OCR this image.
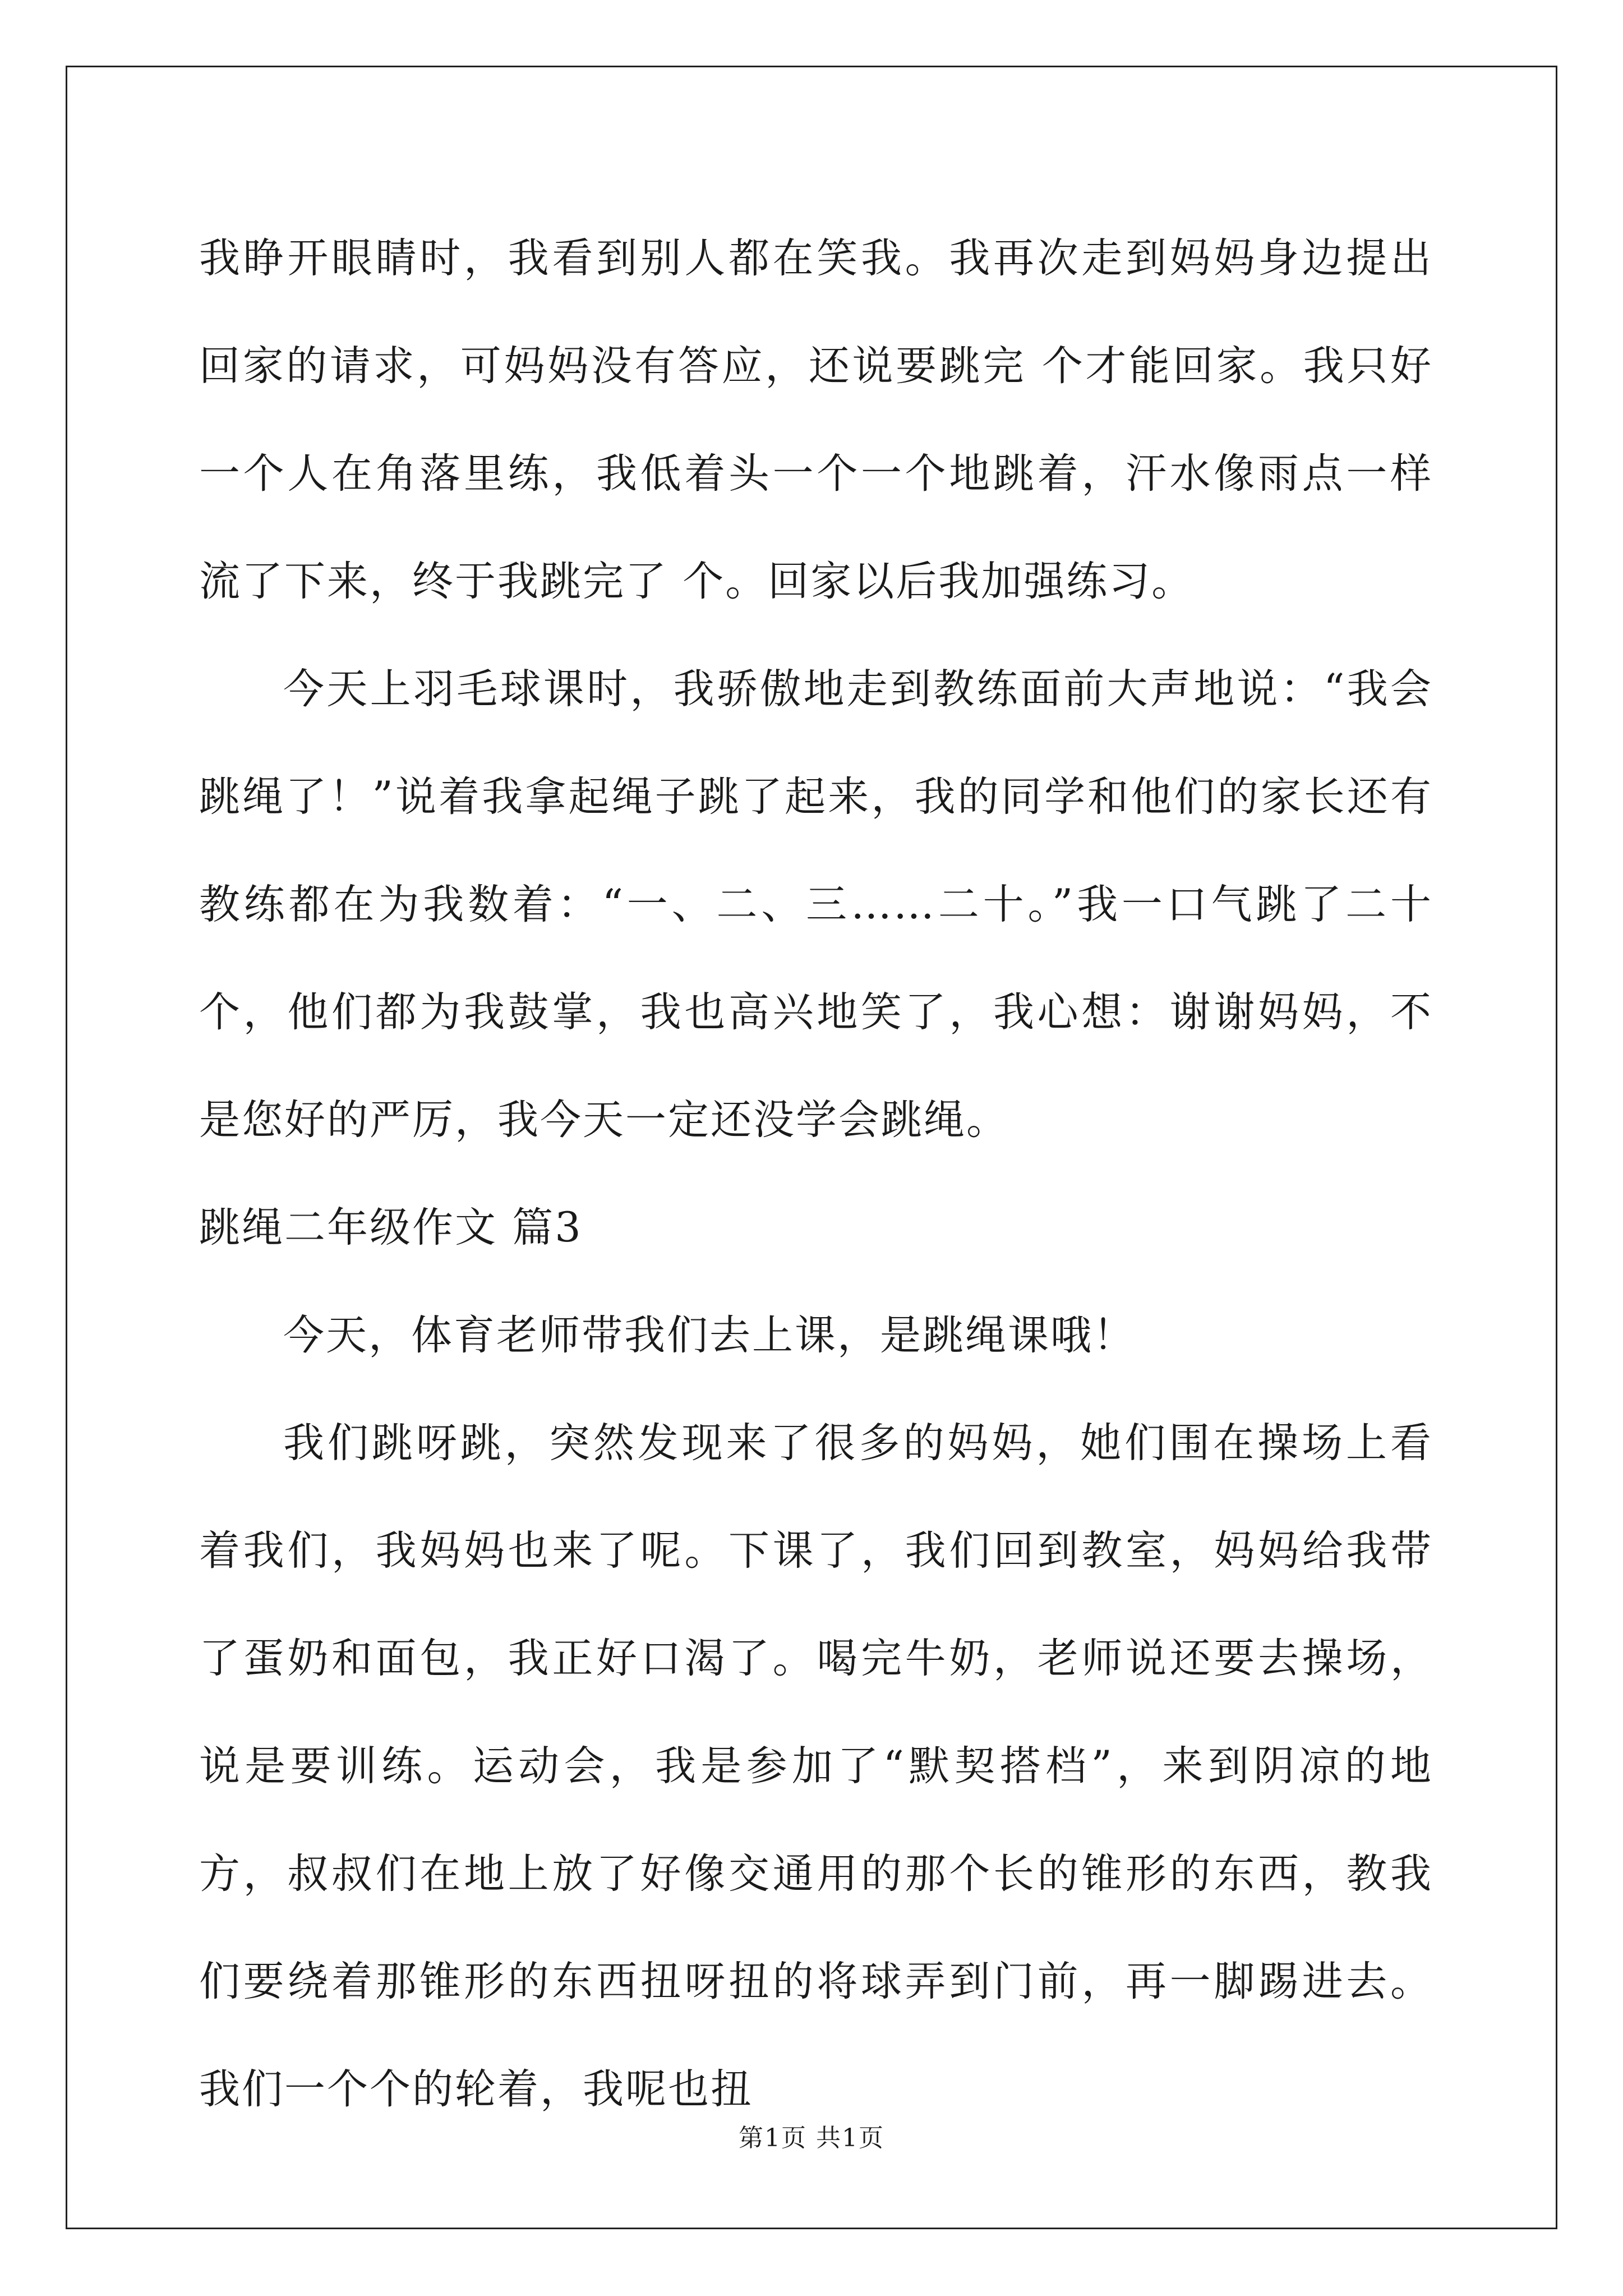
我睁开眼睛时，我看到别人都在笑我。我再次走到妈妈身边提出回家的请求，可妈妈没有答应，还说要跳完 个才能回家。我只好一个人在角落里练，我低着头一个一个地跳着，汗水像雨点一样流了下来，终于我跳完了 个。回家以后我加强练习。

今天上羽毛球课时，我骄傲地走到教练面前大声地说：“我会跳绳了！”说着我拿起绳子跳了起来，我的同学和他们的家长还有教练都在为我数着：“一、二、三……二十。”我一口气跳了二十个，他们都为我鼓掌，我也高兴地笑了，我心想：谢谢妈妈，不是您好的严厉，我今天一定还没学会跳绳。

跳绳二年级作文 篇3

今天，体育老师带我们去上课，是跳绳课哦！

我们跳呀跳，突然发现来了很多的妈妈，她们围在操场上看着我们，我妈妈也来了呢。下课了，我们回到教室，妈妈给我带了蛋奶和面包，我正好口渴了。喝完牛奶，老师说还要去操场，说是要训练。运动会，我是参加了“默契搭档”，来到阴凉的地方，叔叔们在地上放了好像交通用的那个长的锥形的东西，教我们要绕着那锥形的东西扭呀扭的将球弄到门前，再一脚踢进去。我们一个个的轮着，我呢也扭

第1页 共1页
